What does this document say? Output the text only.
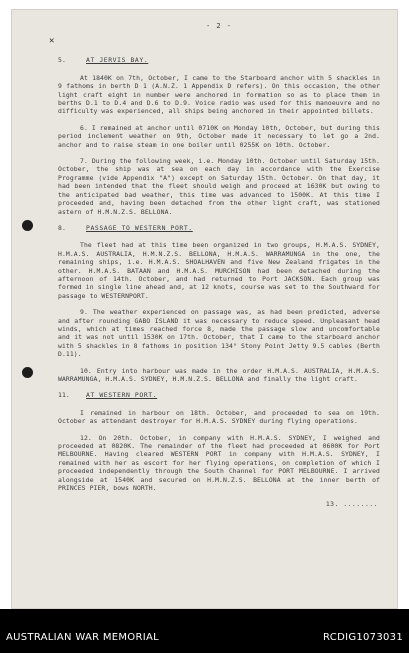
✕
- 2 -
5.	AT JERVIS BAY.

At 1840K on 7th, October, I came to the Starboard anchor with 5 shackles in 9 fathoms in berth D 1 (A.N.Z. 1 Appendix D refers). On this occasion, the other light craft eight in number were anchored in formation so as to place them in berths D.1 to D.4 and D.6 to D.9. Voice radio was used for this manoeuvre and no difficulty was experienced, all ships being anchored in their appointed billets.

6. I remained at anchor until 0710K on Monday 10th, October, but during this period inclement weather on 9th, October made it necessary to let go a 2nd. anchor and to raise steam in one boiler until 0255K on 10th. October.

7. During the following week, i.e. Monday 10th. October until Saturday 15th. October, the ship was at sea on each day in accordance with the Exercise Programme (vide Appendix "A") except on Saturday 15th. October. On that day, it had been intended that the fleet should weigh and proceed at 1630K but owing to the anticipated bad weather, this time was advanced to 1500K. At this time I proceeded and, having been detached from the other light craft, was stationed astern of H.M.N.Z.S. BELLONA.

8.	PASSAGE TO WESTERN PORT.

The fleet had at this time been organized in two groups, H.M.A.S. SYDNEY, H.M.A.S. AUSTRALIA, H.M.N.Z.S. BELLONA, H.M.A.S. WARRAMUNGA in the one, the remaining ships, i.e. H.M.A.S. SHOALHAVEN and five New Zealand frigates in the other. H.M.A.S. BATAAN and H.M.A.S. MURCHISON had been detached during the afternoon of 14th. October, and had returned to Port JACKSON. Each group was formed in single line ahead and, at 12 knots, course was set to the Southward for passage to WESTERNPORT.

9. The weather experienced on passage was, as had been predicted, adverse and after rounding GABO ISLAND it was necessary to reduce speed. Unpleasant head winds, which at times reached force 8, made the passage slow and uncomfortable and it was not until 1530K on 17th. October, that I came to the starboard anchor with 5 shackles in 8 fathoms in position 134° Stony Point Jetty 9.5 cables (Berth D.11).

10. Entry into harbour was made in the order H.M.A.S. AUSTRALIA, H.M.A.S. WARRAMUNGA, H.M.A.S. SYDNEY, H.M.N.Z.S. BELLONA and finally the light craft.

11.	AT WESTERN PORT.

I remained in harbour on 18th. October, and proceeded to sea on 19th. October as attendant destroyer for H.M.A.S. SYDNEY during flying operations.

12. On 20th. October, in company with H.M.A.S. SYDNEY, I weighed and proceeded at 0820K. The remainder of the fleet had proceeded at 0600K for Port MELBOURNE. Having cleared WESTERN PORT in company with H.M.A.S. SYDNEY, I remained with her as escort for her flying operations, on completion of which I proceeded independently through the South Channel for PORT MELBOURNE. I arrived alongside at 1540K and secured on H.M.N.Z.S. BELLONA at the inner berth of PRINCES PIER, bows NORTH.

13. ........
AUSTRALIAN WAR MEMORIAL	RCDIG1073031
